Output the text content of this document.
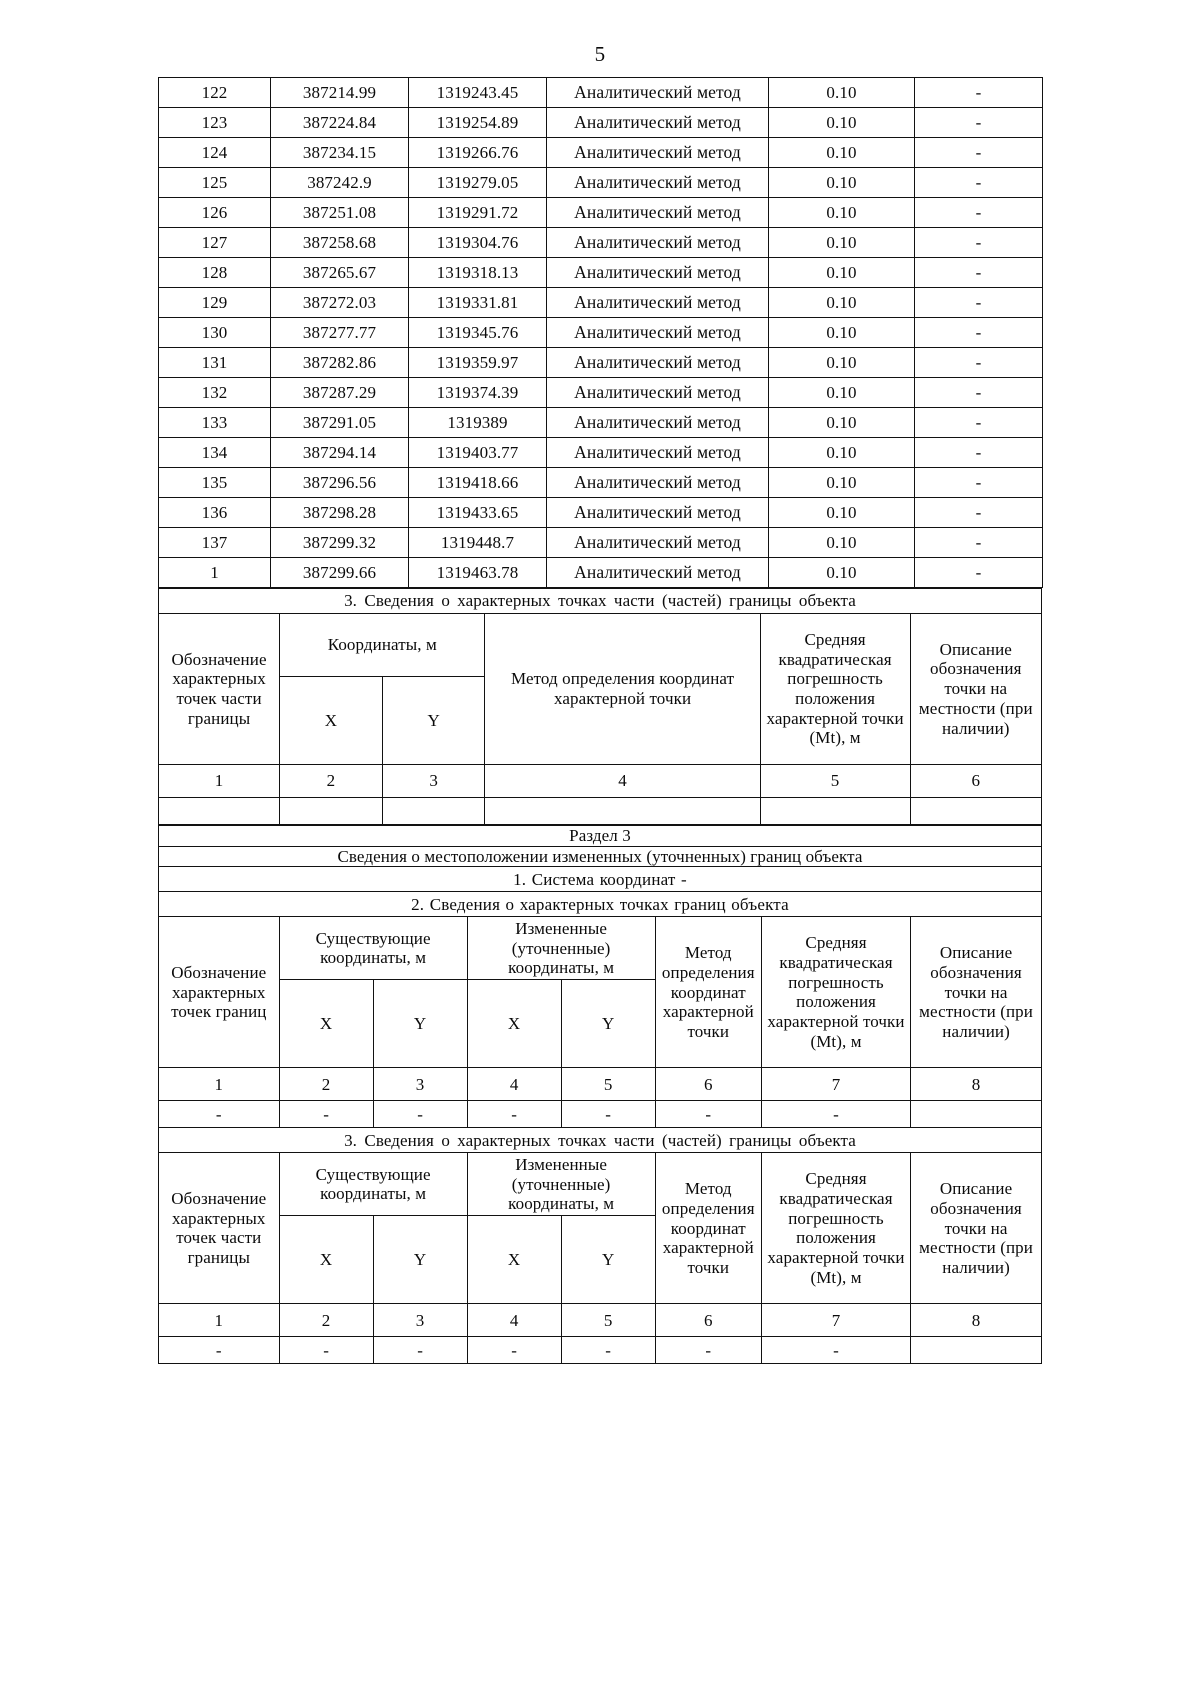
5
122	387214.99	1319243.45	Аналитический метод	0.10	-
123	387224.84	1319254.89	Аналитический метод	0.10	-
124	387234.15	1319266.76	Аналитический метод	0.10	-
125	387242.9	1319279.05	Аналитический метод	0.10	-
126	387251.08	1319291.72	Аналитический метод	0.10	-
127	387258.68	1319304.76	Аналитический метод	0.10	-
128	387265.67	1319318.13	Аналитический метод	0.10	-
129	387272.03	1319331.81	Аналитический метод	0.10	-
130	387277.77	1319345.76	Аналитический метод	0.10	-
131	387282.86	1319359.97	Аналитический метод	0.10	-
132	387287.29	1319374.39	Аналитический метод	0.10	-
133	387291.05	1319389	Аналитический метод	0.10	-
134	387294.14	1319403.77	Аналитический метод	0.10	-
135	387296.56	1319418.66	Аналитический метод	0.10	-
136	387298.28	1319433.65	Аналитический метод	0.10	-
137	387299.32	1319448.7	Аналитический метод	0.10	-
1	387299.66	1319463.78	Аналитический метод	0.10	-
3. Сведения о характерных точках части (частей) границы объекта					
Обозначение характерных точек части границы	Координаты, м		Метод определения координат характерной точки	Средняя квадратическая погрешность положения характерной точки (Mt), м	Описание обозначения точки на местности (при наличии)
	X	Y			
1	2	3	4	5	6

Раздел 3							
Сведения о местоположении измененных (уточненных) границ объекта							
1. Система координат -							
2. Сведения о характерных точках границ объекта							
Обозначение характерных точек границ	Существующие координаты, м		Измененные (уточненные) координаты, м		Метод определения координат характерной точки	Средняя квадратическая погрешность положения характерной точки (Mt), м	Описание обозначения точки на местности (при наличии)
	X	Y	X	Y			
1	2	3	4	5	6	7	8
-	-	-	-	-	-	-	
3. Сведения о характерных точках части (частей) границы объекта							
Обозначение характерных точек части границы	Существующие координаты, м		Измененные (уточненные) координаты, м		Метод определения координат характерной точки	Средняя квадратическая погрешность положения характерной точки (Mt), м	Описание обозначения точки на местности (при наличии)
	X	Y	X	Y			
1	2	3	4	5	6	7	8
-	-	-	-	-	-	-	
